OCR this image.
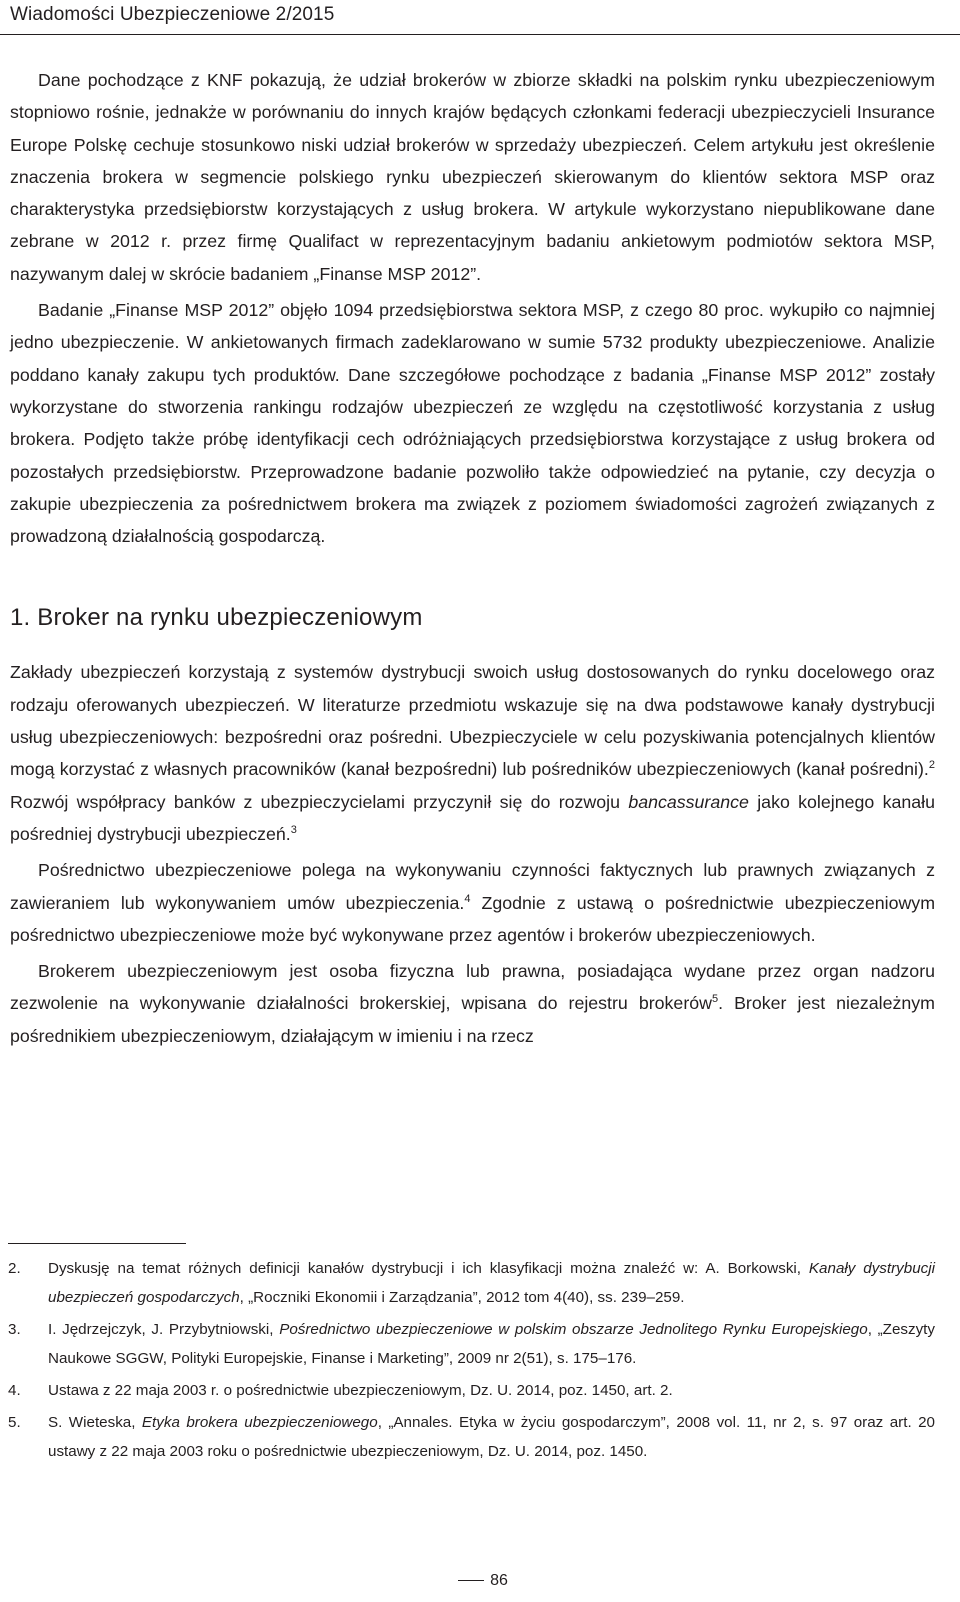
Wiadomości Ubezpieczeniowe 2/2015

Dane pochodzące z KNF pokazują, że udział brokerów w zbiorze składki na polskim rynku ubezpieczeniowym stopniowo rośnie, jednakże w porównaniu do innych krajów będących członkami federacji ubezpieczycieli Insurance Europe Polskę cechuje stosunkowo niski udział brokerów w sprzedaży ubezpieczeń. Celem artykułu jest określenie znaczenia brokera w segmencie polskiego rynku ubezpieczeń skierowanym do klientów sektora MSP oraz charakterystyka przedsiębiorstw korzystających z usług brokera. W artykule wykorzystano niepublikowane dane zebrane w 2012 r. przez firmę Qualifact w reprezentacyjnym badaniu ankietowym podmiotów sektora MSP, nazywanym dalej w skrócie badaniem „Finanse MSP 2012”.

Badanie „Finanse MSP 2012” objęło 1094 przedsiębiorstwa sektora MSP, z czego 80 proc. wykupiło co najmniej jedno ubezpieczenie. W ankietowanych firmach zadeklarowano w sumie 5732 produkty ubezpieczeniowe. Analizie poddano kanały zakupu tych produktów. Dane szczegółowe pochodzące z badania „Finanse MSP 2012” zostały wykorzystane do stworzenia rankingu rodzajów ubezpieczeń ze względu na częstotliwość korzystania z usług brokera. Podjęto także próbę identyfikacji cech odróżniających przedsiębiorstwa korzystające z usług brokera od pozostałych przedsiębiorstw. Przeprowadzone badanie pozwoliło także odpowiedzieć na pytanie, czy decyzja o zakupie ubezpieczenia za pośrednictwem brokera ma związek z poziomem świadomości zagrożeń związanych z prowadzoną działalnością gospodarczą.

1. Broker na rynku ubezpieczeniowym

Zakłady ubezpieczeń korzystają z systemów dystrybucji swoich usług dostosowanych do rynku docelowego oraz rodzaju oferowanych ubezpieczeń. W literaturze przedmiotu wskazuje się na dwa podstawowe kanały dystrybucji usług ubezpieczeniowych: bezpośredni oraz pośredni. Ubezpieczyciele w celu pozyskiwania potencjalnych klientów mogą korzystać z własnych pracowników (kanał bezpośredni) lub pośredników ubezpieczeniowych (kanał pośredni).$^2$ Rozwój współpracy banków z ubezpieczycielami przyczynił się do rozwoju bancassurance jako kolejnego kanału pośredniej dystrybucji ubezpieczeń.$^3$

Pośrednictwo ubezpieczeniowe polega na wykonywaniu czynności faktycznych lub prawnych związanych z zawieraniem lub wykonywaniem umów ubezpieczenia.$^4$ Zgodnie z ustawą o pośrednictwie ubezpieczeniowym pośrednictwo ubezpieczeniowe może być wykonywane przez agentów i brokerów ubezpieczeniowych.

Brokerem ubezpieczeniowym jest osoba fizyczna lub prawna, posiadająca wydane przez organ nadzoru zezwolenie na wykonywanie działalności brokerskiej, wpisana do rejestru brokerów$^5$. Broker jest niezależnym pośrednikiem ubezpieczeniowym, działającym w imieniu i na rzecz

2.	Dyskusję na temat różnych definicji kanałów dystrybucji i ich klasyfikacji można znaleźć w: A. Borkowski, Kanały dystrybucji ubezpieczeń gospodarczych, „Roczniki Ekonomii i Zarządzania”, 2012 tom 4(40), ss. 239–259.
3.	I. Jędrzejczyk, J. Przybytniowski, Pośrednictwo ubezpieczeniowe w polskim obszarze Jednolitego Rynku Europejskiego, „Zeszyty Naukowe SGGW, Polityki Europejskie, Finanse i Marketing”, 2009 nr 2(51), s. 175–176.
4.	Ustawa z 22 maja 2003 r. o pośrednictwie ubezpieczeniowym, Dz. U. 2014, poz. 1450, art. 2.
5.	S. Wieteska, Etyka brokera ubezpieczeniowego, „Annales. Etyka w życiu gospodarczym”, 2008 vol. 11, nr 2, s. 97 oraz art. 20 ustawy z 22 maja 2003 roku o pośrednictwie ubezpieczeniowym, Dz. U. 2014, poz. 1450.
86
